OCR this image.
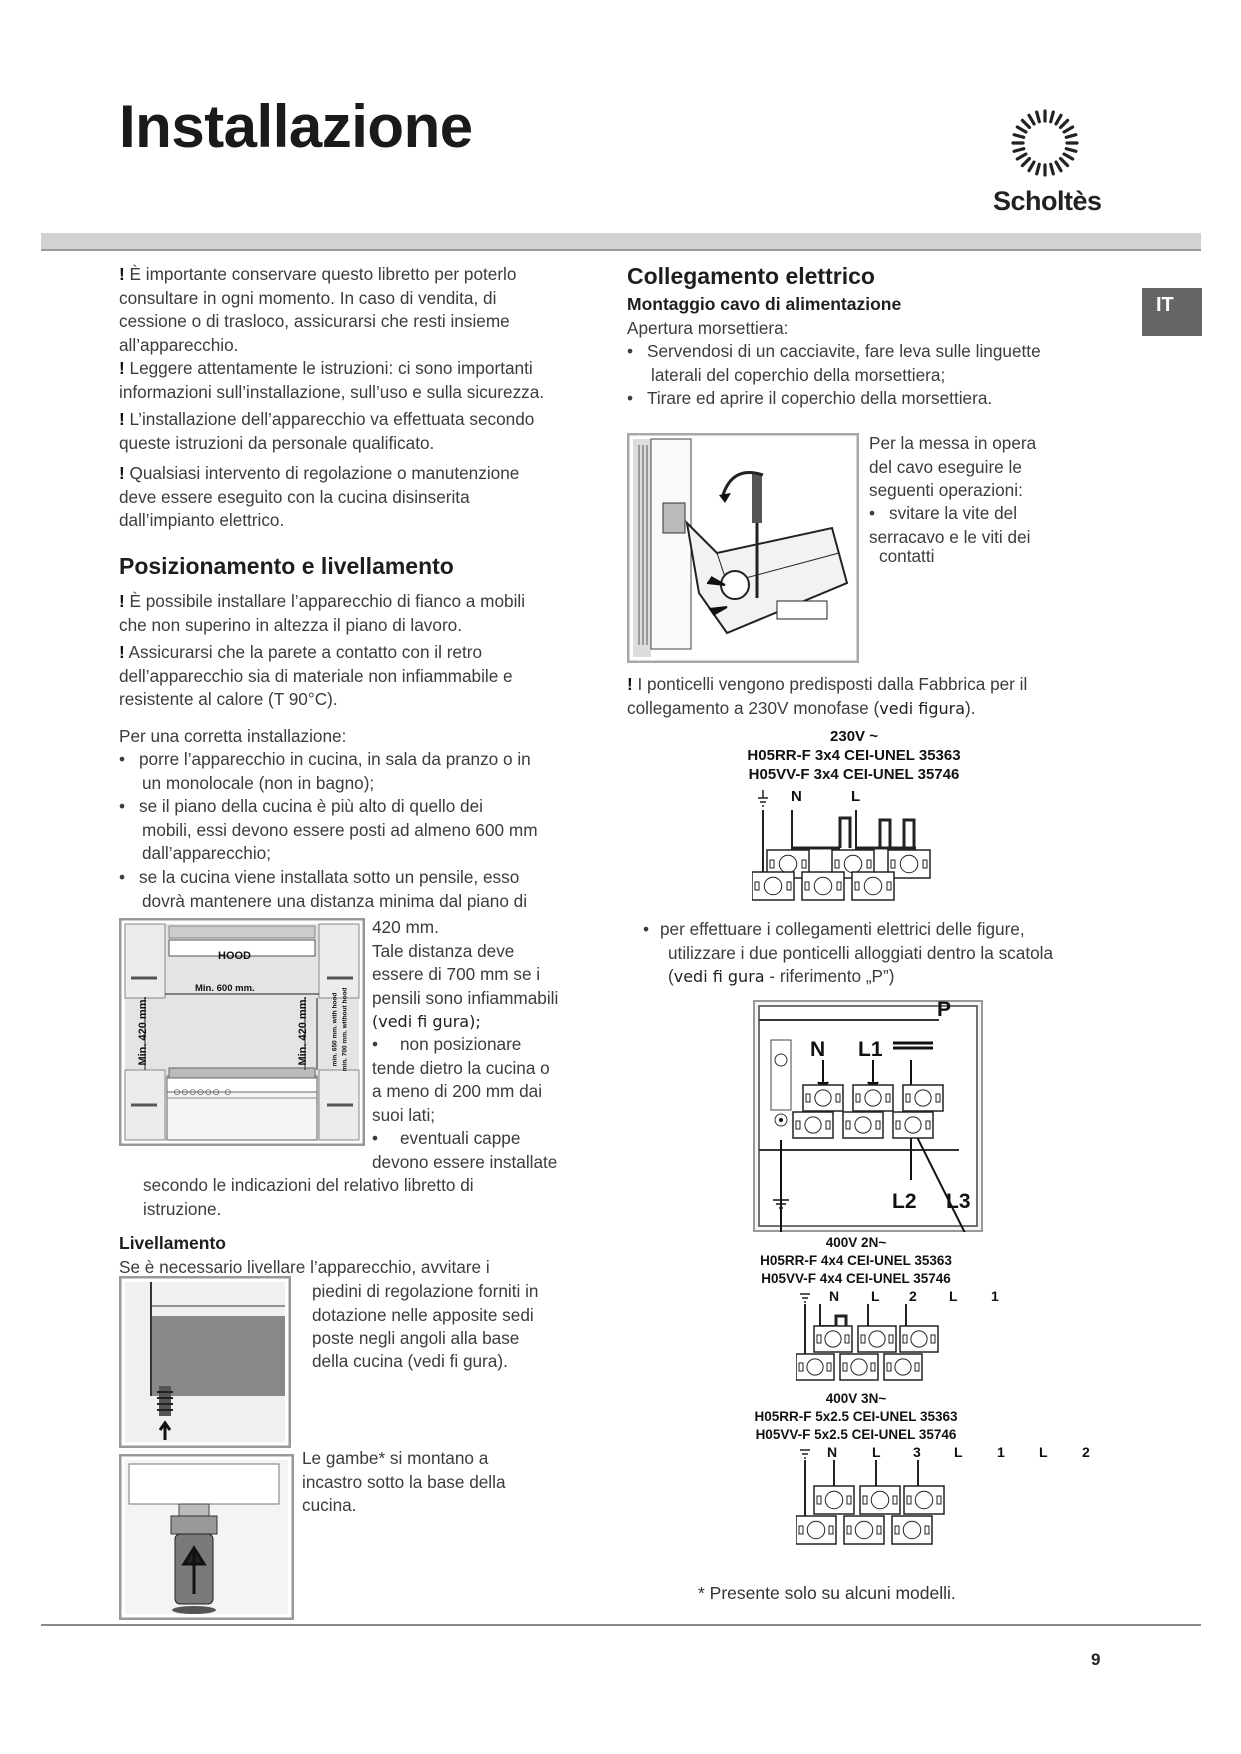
Installazione
Scholtès
IT

! È importante conservare questo libretto per poterlo
consultare in ogni momento. In caso di vendita, di
cessione o di trasloco, assicurarsi che resti insieme
all’apparecchio.

! Leggere attentamente le istruzioni: ci sono importanti
informazioni sull’installazione, sull’uso e sulla sicurezza.

! L’installazione dell’apparecchio va effettuata secondo
queste istruzioni da personale qualificato.

! Qualsiasi intervento di regolazione o manutenzione
deve essere eseguito con la cucina disinserita
dall’impianto elettrico.

Posizionamento e livellamento

! È possibile installare l’apparecchio di fianco a mobili
che non superino in altezza il piano di lavoro.

! Assicurarsi che la parete a contatto con il retro
dell’apparecchio sia di materiale non infiammabile e
resistente al calore (T 90°C).

Per una corretta installazione:

• porre l’apparecchio in cucina, in sala da pranzo o in
un monolocale (non in bagno);
• se il piano della cucina è più alto di quello dei
mobili, essi devono essere posti ad almeno 600 mm
dall’apparecchio;
• se la cucina viene installata sotto un pensile, esso
dovrà mantenere una distanza minima dal piano di
HOOD
Min. 600 mm.
Min. 420 mm.	Min. 420 mm.	min. 650 mm. with hood min. 700 mm. without hood
○○○○○○ ○

420 mm.
Tale distanza deve
essere di 700 mm se i
pensili sono infiammabili
(vedi fi gura);

• non posizionare
tende dietro la cucina o
a meno di 200 mm dai
suoi lati;
• eventuali cappe
devono essere installate

secondo le indicazioni del relativo libretto di
istruzione.

Livellamento

Se è necessario livellare l’apparecchio, avvitare i

piedini di regolazione forniti in
dotazione nelle apposite sedi
poste negli angoli alla base

della cucina (vedi fi gura).

Le gambe* si montano a
incastro sotto la base della
cucina.

Collegamento elettrico
Montaggio cavo di alimentazione

Apertura morsettiera:

• Servendosi di un cacciavite, fare leva sulle linguette
laterali del coperchio della morsettiera;
• Tirare ed aprire il coperchio della morsettiera.

Per la messa in opera
del cavo eseguire le
seguenti operazioni:

• svitare la vite del
serracavo e le viti dei
contatti

! I ponticelli vengono predisposti dalla Fabbrica per il
collegamento a 230V monofase (vedi figura).

230V ~
H05RR-F 3x4 CEI-UNEL 35363
H05VV-F 3x4 CEI-UNEL 35746
N	L
• per effettuare i collegamenti elettrici delle figure,
utilizzare i due ponticelli alloggiati dentro la scatola
(vedi fi gura - riferimento „P”)
P
N L1
L2 L3
400V 2N~
H05RR-F 4x4 CEI-UNEL 35363
H05VV-F 4x4 CEI-UNEL 35746
N L 2 L 1
400V 3N~
H05RR-F 5x2.5 CEI-UNEL 35363
H05VV-F 5x2.5 CEI-UNEL 35746
N L 3 L 1 L 2
* Presente solo su alcuni modelli.
9
